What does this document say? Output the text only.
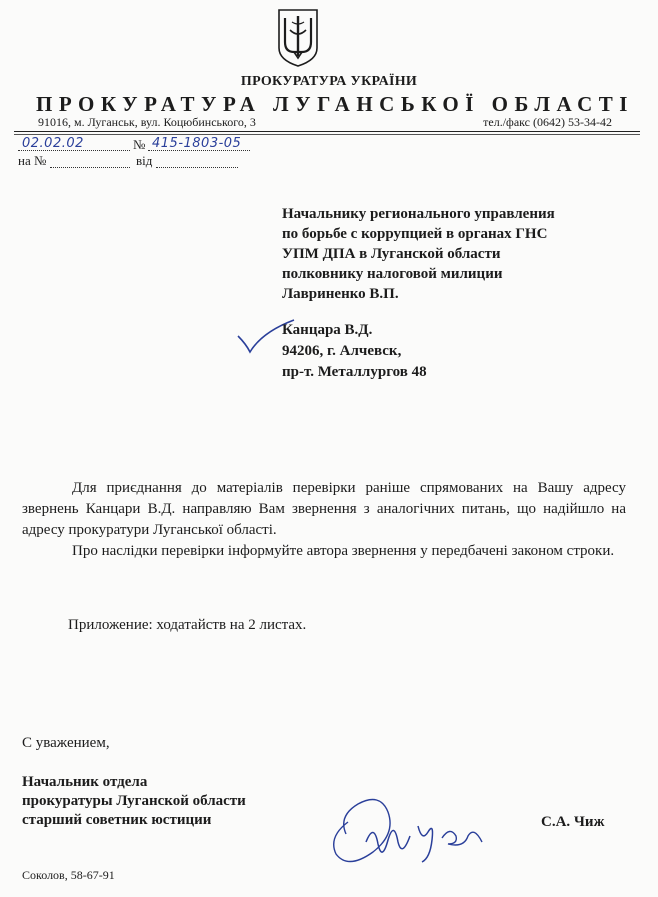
ПРОКУРАТУРА УКРАЇНИ
ПРОКУРАТУРА ЛУГАНСЬКОЇ ОБЛАСТІ
91016, м. Луганськ, вул. Коцюбинського, 3	тел./факс (0642) 53-34-42
02.02.02	№ 415-1803-05
на №	від
Начальнику регионального управления
по борьбе с коррупцией в органах ГНС
УПМ ДПА в Луганской области
полковнику налоговой милиции
Лавриненко В.П.
Канцара В.Д.
94206, г. Алчевск,
пр-т. Металлургов 48

Для приєднання до матеріалів перевірки раніше спрямованих на Вашу адресу звернень Канцари В.Д. направляю Вам звернення з аналогічних питань, що надійшло на адресу прокуратури Луганської області.

Про наслідки перевірки інформуйте автора звернення у передбачені законом строки.

Приложение: ходатайств на 2 листах.
С уважением,
Начальник отдела
прокуратуры Луганской области
старший советник юстиции	С.А. Чиж
Соколов, 58-67-91
